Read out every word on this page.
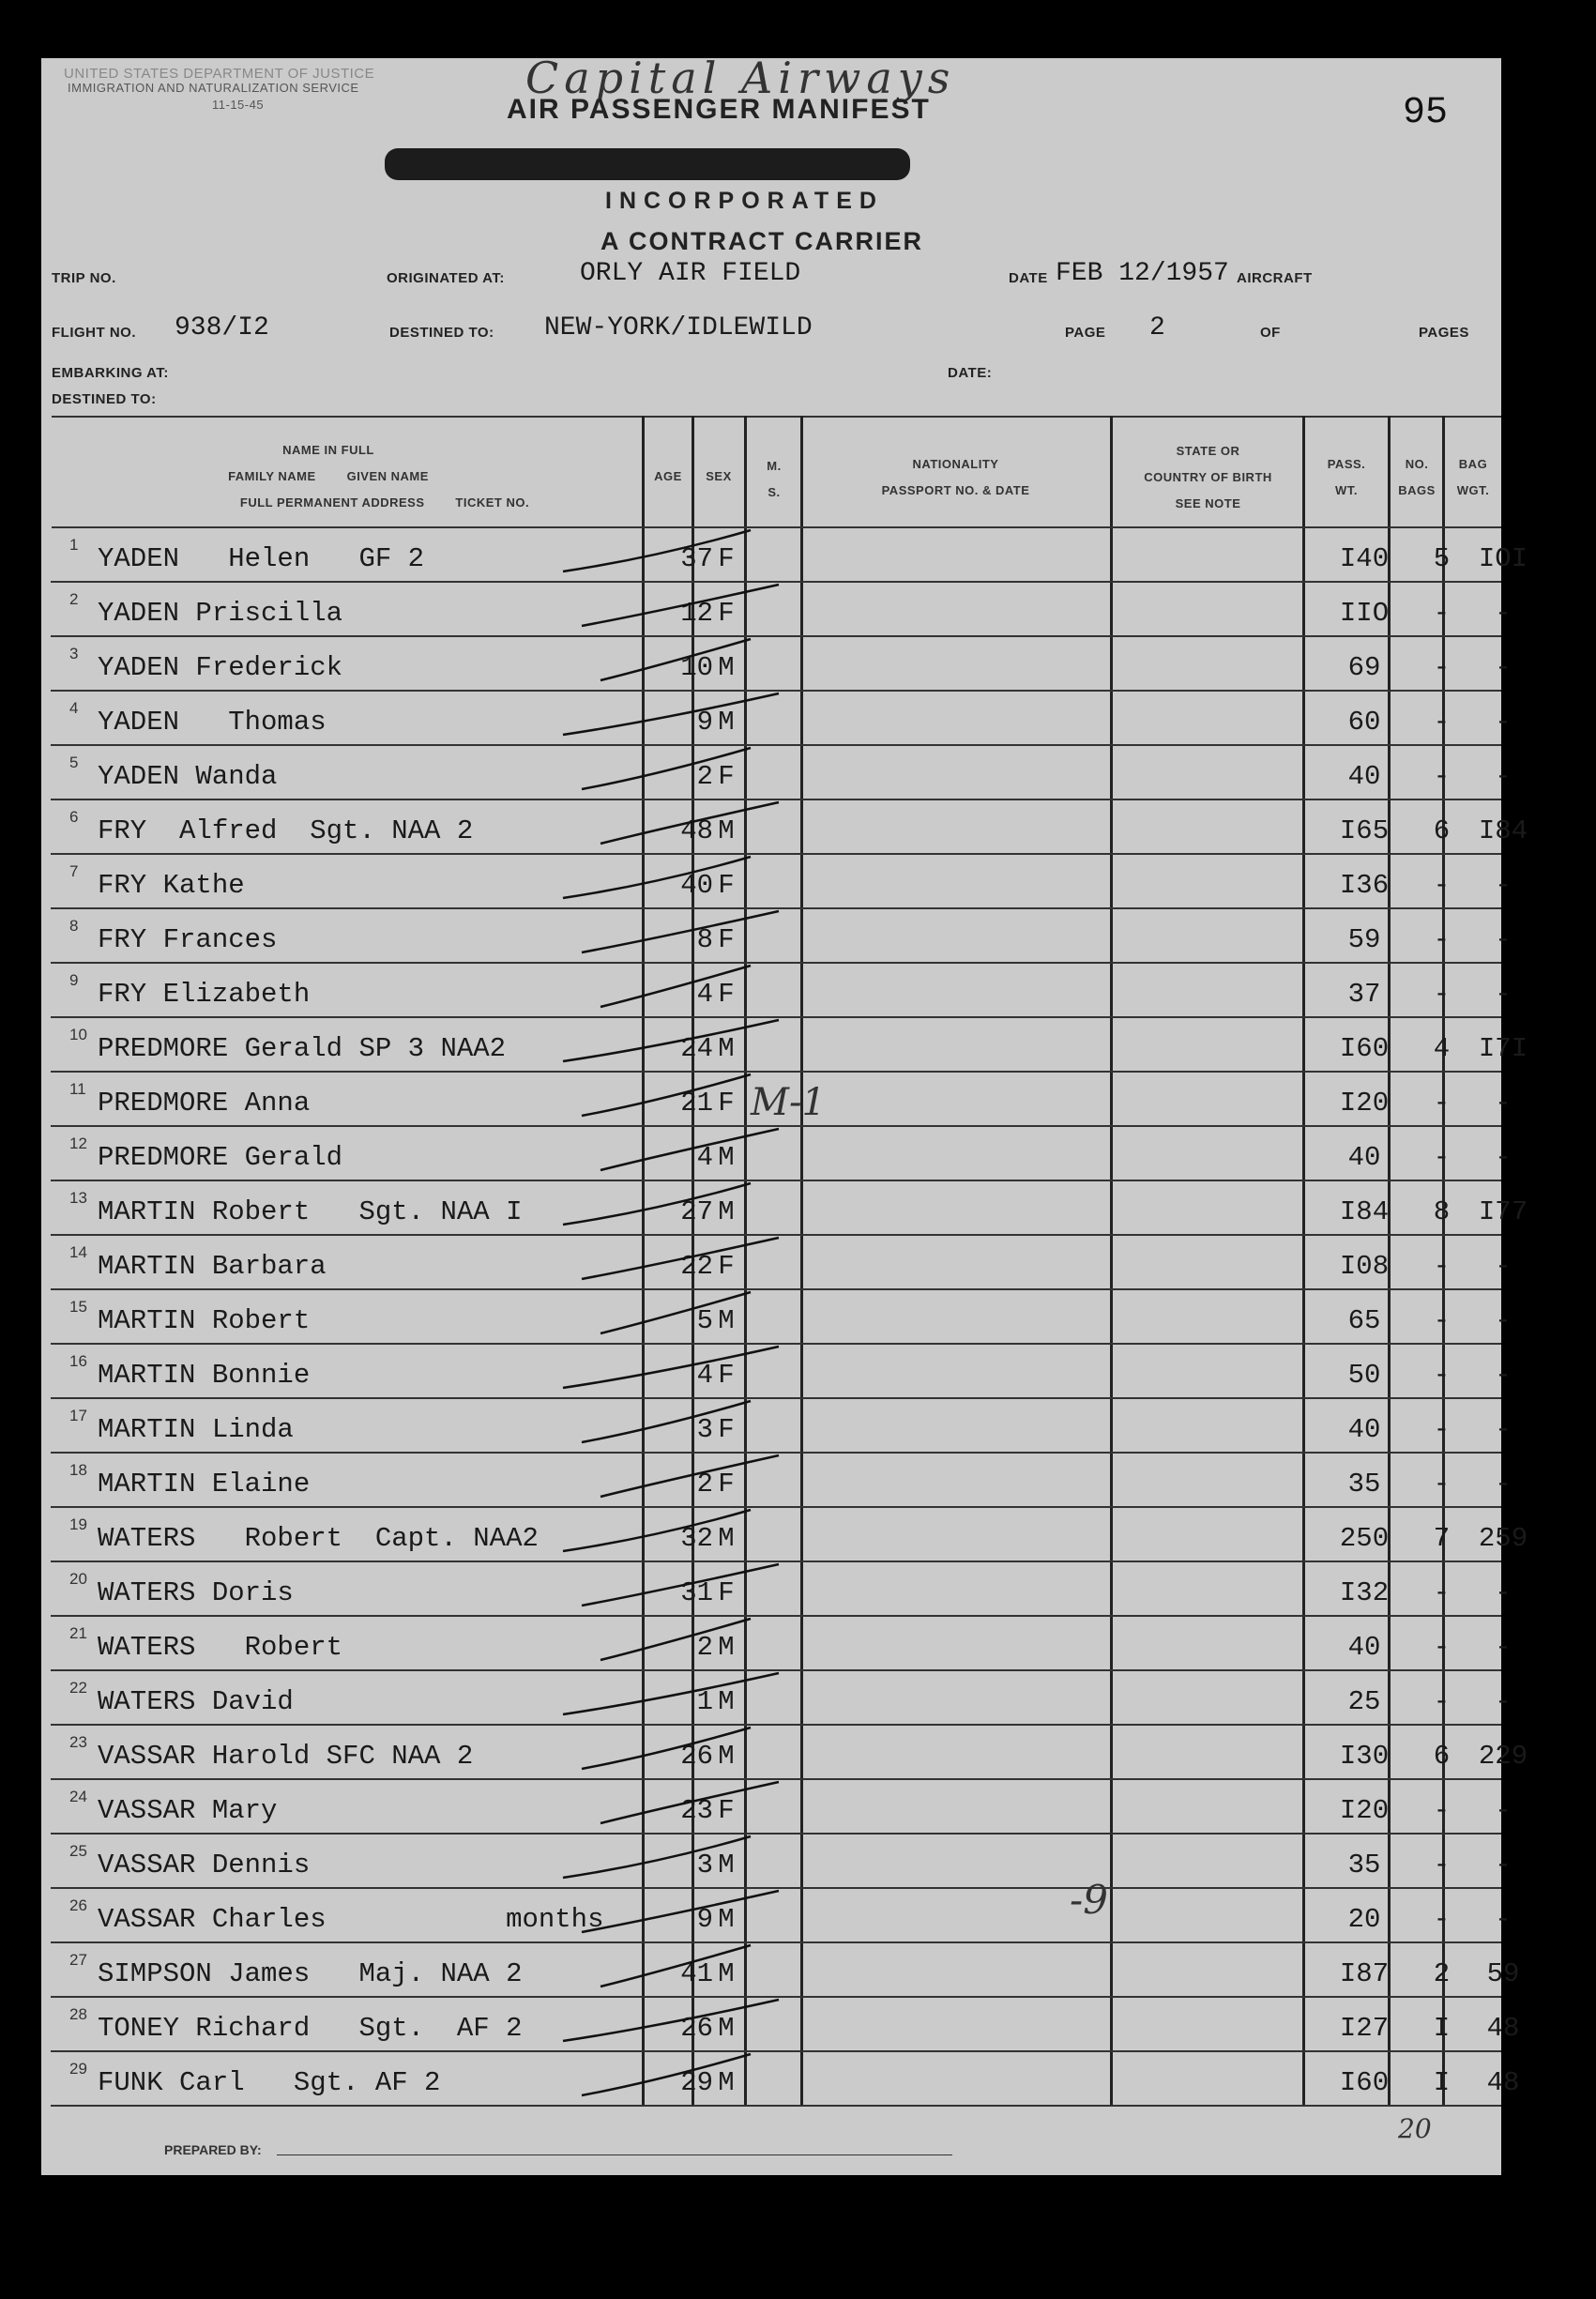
UNITED STATES DEPARTMENT OF JUSTICE
IMMIGRATION AND NATURALIZATION SERVICE
11-15-45
Capital Airways
AIR PASSENGER MANIFEST	95
INCORPORATED
A CONTRACT CARRIER
TRIP NO.	ORIGINATED AT:	ORLY AIR FIELD	DATE FEB 12/1957 AIRCRAFT
FLIGHT NO. 938/I2	DESTINED TO: NEW-YORK/IDLEWILD	PAGE 2	OF	PAGES
EMBARKING AT:	DATE:
DESTINED TO:
NAME IN FULL
FAMILY NAME        GIVEN NAME
FULL PERMANENT ADDRESS        TICKET NO.
AGE	SEX
M.
S.
NATIONALITY
PASSPORT NO. & DATE
STATE OR
COUNTRY OF BIRTH
SEE NOTE
PASS.
WT.
NO.
BAGS
BAG
WGT.
1 YADEN   Helen   GF 2	37 F	I40	5	IOI
2 YADEN Priscilla	12 F	IIO	-	-
3 YADEN Frederick	10 M	69	-	-
4 YADEN   Thomas	9 M	60	-	-
5 YADEN Wanda	2 F	40	-	-
6 FRY  Alfred  Sgt. NAA 2	48 M	I65	6	I84
7 FRY Kathe	40 F	I36	-	-
8 FRY Frances	8 F	59	-	-
9 FRY Elizabeth	4 F	37	-	-
10 PREDMORE Gerald SP 3 NAA2	24 M	I60	4	I7I
11 PREDMORE Anna	21 F	I20	-	-
12 PREDMORE Gerald	4 M	40	-	-
13 MARTIN Robert   Sgt. NAA I	27 M	I84	8	I77
14 MARTIN Barbara	22 F	I08	-	-
15 MARTIN Robert	5 M	65	-	-
16 MARTIN Bonnie	4 F	50	-	-
17 MARTIN Linda	3 F	40	-	-
18 MARTIN Elaine	2 F	35	-	-
19 WATERS   Robert  Capt. NAA2	32 M	250	7	259
20 WATERS Doris	31 F	I32	-	-
21 WATERS   Robert	2 M	40	-	-
22 WATERS David	1 M	25	-	-
23 VASSAR Harold SFC NAA 2	26 M	I30	6	229
24 VASSAR Mary	23 F	I20	-	-
25 VASSAR Dennis	3 M	35	-	-
26 VASSAR Charles           months	9 M	20	-	-
27 SIMPSON James   Maj. NAA 2	41 M	I87	2	59
28 TONEY Richard   Sgt.  AF 2	26 M	I27	I	48
29 FUNK Carl   Sgt. AF 2	29 M	I60	I	48
M-1
-9
20
PREPARED BY:
